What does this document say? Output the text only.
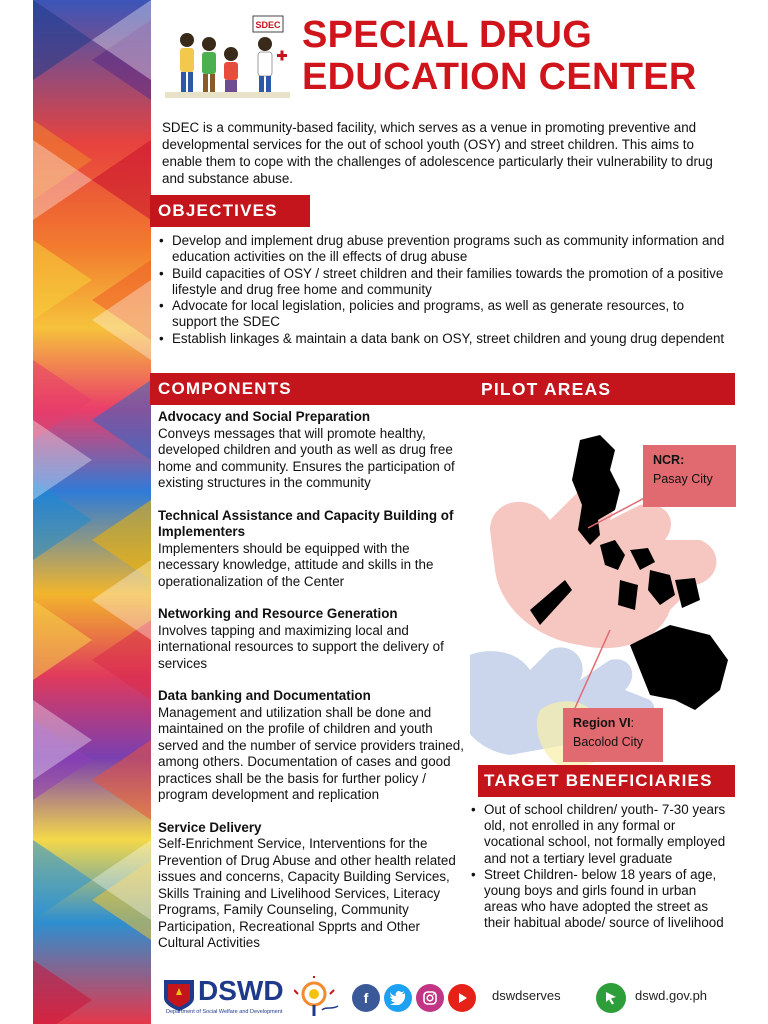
SDEC SPECIAL DRUG
EDUCATION CENTER

SDEC is a community-based facility, which serves as a venue in promoting preventive and developmental services for the out of school youth (OSY) and street children. This aims to enable them to cope with the challenges of adolescence particularly their vulnerability to drug and substance abuse.

OBJECTIVES
• Develop and implement drug abuse prevention programs such as community information and education activities on the ill effects of drug abuse
• Build capacities of OSY / street children and their families towards the promotion of a positive lifestyle and drug free home and community
• Advocate for local legislation, policies and programs, as well as generate resources, to support the SDEC
• Establish linkages & maintain a data bank on OSY, street children and young drug dependent
COMPONENTS	PILOT AREAS
NCR:
Pasay City
Region VI:
Bacolod City
Advocacy and Social Preparation

Conveys messages that will promote healthy, developed children and youth as well as drug free home and community. Ensures the participation of existing structures in the community

Technical Assistance and Capacity Building of Implementers

Implementers should be equipped with the necessary knowledge, attitude and skills in the operationalization of the Center

Networking and Resource Generation

Involves tapping and maximizing local and international resources to support the delivery of services

Data banking and Documentation

Management and utilization shall be done and maintained on the profile of children and youth served and the number of service providers trained, among others. Documentation of cases and good practices shall be the basis for further policy / program development and replication

Service Delivery

Self-Enrichment Service, Interventions for the Prevention of Drug Abuse and other health related issues and concerns, Capacity Building Services, Skills Training and Livelihood Services, Literacy Programs, Family Counseling, Community Participation, Recreational Spprts and Other Cultural Activities

TARGET BENEFICIARIES
• Out of school children/ youth- 7-30 years old, not enrolled in any formal or vocational school, not formally employed and not a tertiary level graduate
• Street Children- below 18 years of age, young boys and girls found in urban areas who have adopted the street as their habitual abode/ source of livelihood
DSWD
Department of Social Welfare and Development
f	dswdserves	dswd.gov.ph
